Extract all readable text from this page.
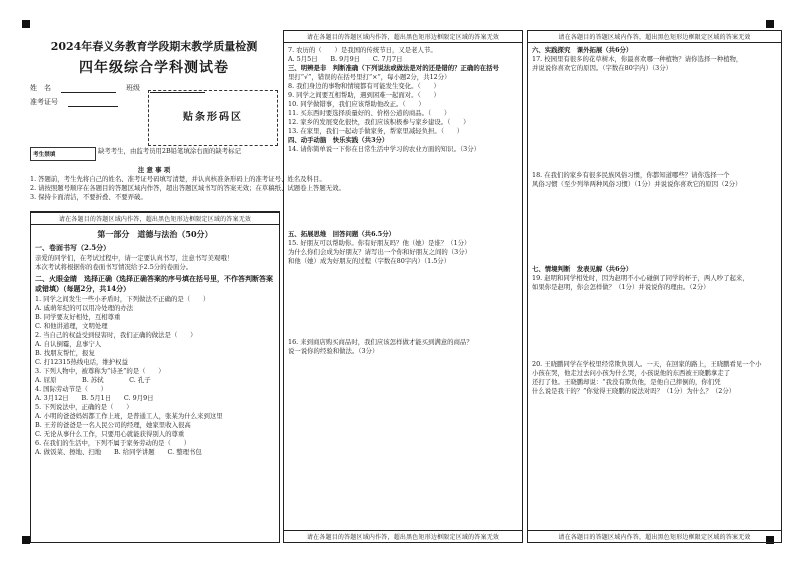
2024年春义务教育学段期末教学质量检测
四年级综合学科测试卷
姓　名	班级
准考证号
贴条形码区
考生禁填	缺考考生，由监考员用2B铅笔填涂右面的缺考标记
注 意 事 项
1. 答题前，考生先将自己的姓名、准考证号码填写清楚，并认真核准条形码上的准考证号、姓名及科目。
2. 请按照题号顺序在各题目的答题区域内作答，超出答题区域书写的答案无效；在草稿纸、试题卷上答题无效。
3. 保持卡面清洁，不要折叠、不要弄破。
请在各题目的答题区域内作答，超出黑色矩形边框限定区域的答案无效
第一部分　道德与法治（50分）
一、卷面书写（2.5分）
亲爱的同学们，在考试过程中，请一定要认真书写，注意书写美观哦！
本次考试将根据你的卷面书写情况给予2.5分的卷面分。
二、火眼金睛　选择正确（选择正确答案的序号填在括号里，不作答判断答案或错填）（每题2分，共14分）
1. 同学之间发生一些小矛盾时，下列做法不正确的是（　　）
A. 戚萌年纪的可以用冷处理的办法
B. 同学要友好相处，互相尊重
C. 和他讲道理，文明处理
2. 当自己的权益受到侵害时，我们正确的做法是（　　）
A. 自认倒霉，息事宁人
B. 找朋友帮忙，报复
C. 打12315热线电话，维护权益
3. 下列人物中，被尊称为“诗圣”的是（　　）
A. 屈原　　　　B. 苏轼　　　　C. 孔子
4. 国际劳动节是（　　）
A. 3月12日　　B. 5月1日　　C. 9月9日
5. 下列说法中，正确的是（　　）
A. 小明的爸爸妈妈都工作上班，是普通工人，张某为什么来到这里
B. 王芳的爸爸是一名人民公司的经理，她家里收入很高
C. 无论从事什么工作，只要用心就能获得别人的尊重
6. 在我们的生活中，下列不属于家务劳动的是（　　）
A. 做饭菜、擦地、扫地　　B. 给同学讲题　　C. 整理书包
请在各题目的答题区域内作答，超出黑色矩形边框限定区域的答案无效
7. 农历的（　　）是我国的传统节日，又是老人节。
A. 5月5日　　B. 9月9日　　C. 7月7日
三、明辨是非　判断准确（下列说法或做法是对的还是错的？正确的在括号
里打“√”，错误的在括号里打“×”，每小题2分，共12分）
8. 我们身边的事物和情境都有可能发生变化。（　　）
9. 同学之间要互相帮助，遇到困难一起面对。（　　）
10. 同学做错事，我们应该帮助他改正。（　　）
11. 买东西时要选择质量好的、价格公道的商品。（　　）
12. 家乡的发展变化很快，我们应该积极参与家乡建设。（　　）
13. 在家里，我们一起动手做家务，帮家里减轻负担。（　　）
四、动手动脑　快乐实践（共3分）
14. 请你简单说一下你在日常生活中学习的农业方面的知识。（3分）
五、拓展思维　回答问题（共6.5分）
15. 好朋友可以帮助你。你有好朋友吗？他（她）是谁？（1分）
为什么你们会成为好朋友？请写出一个你和好朋友之间的（3分）
和他（她）成为好朋友的过程（字数在80字内）（1.5分）
16. 来到商店购买商品时，我们应该怎样做才能买到满意的商品？
说一说你的经验和做法。（3分）
请在各题目的答题区域内作答，超出黑色矩形边框限定区域的答案无效
请在各题目的答题区域内作答，超出黑色矩形边框限定区域的答案无效
六、实践探究　课外拓展（共6分）
17. 校园里有很多的花草树木，你最喜欢哪一种植物？请你选择一种植物，
并说说你喜欢它的原因。（字数在80字内）（3分）
18. 在我们的家乡有很多民族风俗习惯，你都知道哪些？请你选择一个
风俗习惯（至少列举两种风俗习惯）（1分）并说说你喜欢它的原因（2分）
七、情境判断　发表见解（共6分）
19. 赵明和同学相处时，因为赵明不小心碰倒了同学的杯子，两人吵了起来，
如果你是赵明，你会怎样做？（1分）并说说你的理由。（2分）
20. 王晓鹏同学在学校里经常欺负别人。一天，在回家的路上，王晓鹏看见一个小
小孩在哭，他走过去问小孩为什么哭，小孩说他的东西被王晓鹏拿走了
还打了他。王晓鹏却说：“我没有欺负他，是他自己摔倒的，你们凭
什么说是我干的？”你觉得王晓鹏的说法对吗？（1分）为什么？（2分）
请在各题目的答题区域内作答，超出黑色矩形边框限定区域的答案无效
